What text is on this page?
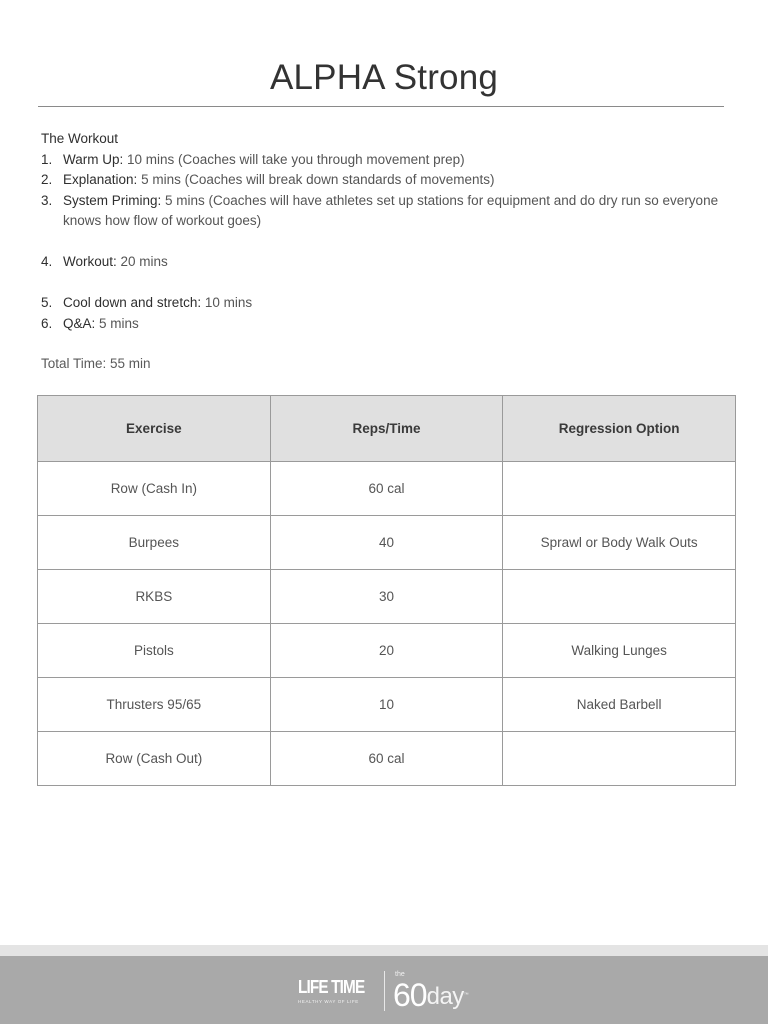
ALPHA Strong
The Workout
1. Warm Up: 10 mins (Coaches will take you through movement prep)
2. Explanation: 5 mins (Coaches will break down standards of movements)
3. System Priming: 5 mins (Coaches will have athletes set up stations for equipment and do dry run so everyone knows how flow of workout goes)
4. Workout: 20 mins
5. Cool down and stretch: 10 mins
6. Q&A: 5 mins
Total Time: 55 min
Exercise	Reps/Time	Regression Option
Row (Cash In)	60 cal	
Burpees	40	Sprawl or Body Walk Outs
RKBS	30	
Pistols	20	Walking Lunges
Thrusters 95/65	10	Naked Barbell
Row (Cash Out)	60 cal	
LIFE TIME
HEALTHY WAY OF LIFE
the
60 day ™
